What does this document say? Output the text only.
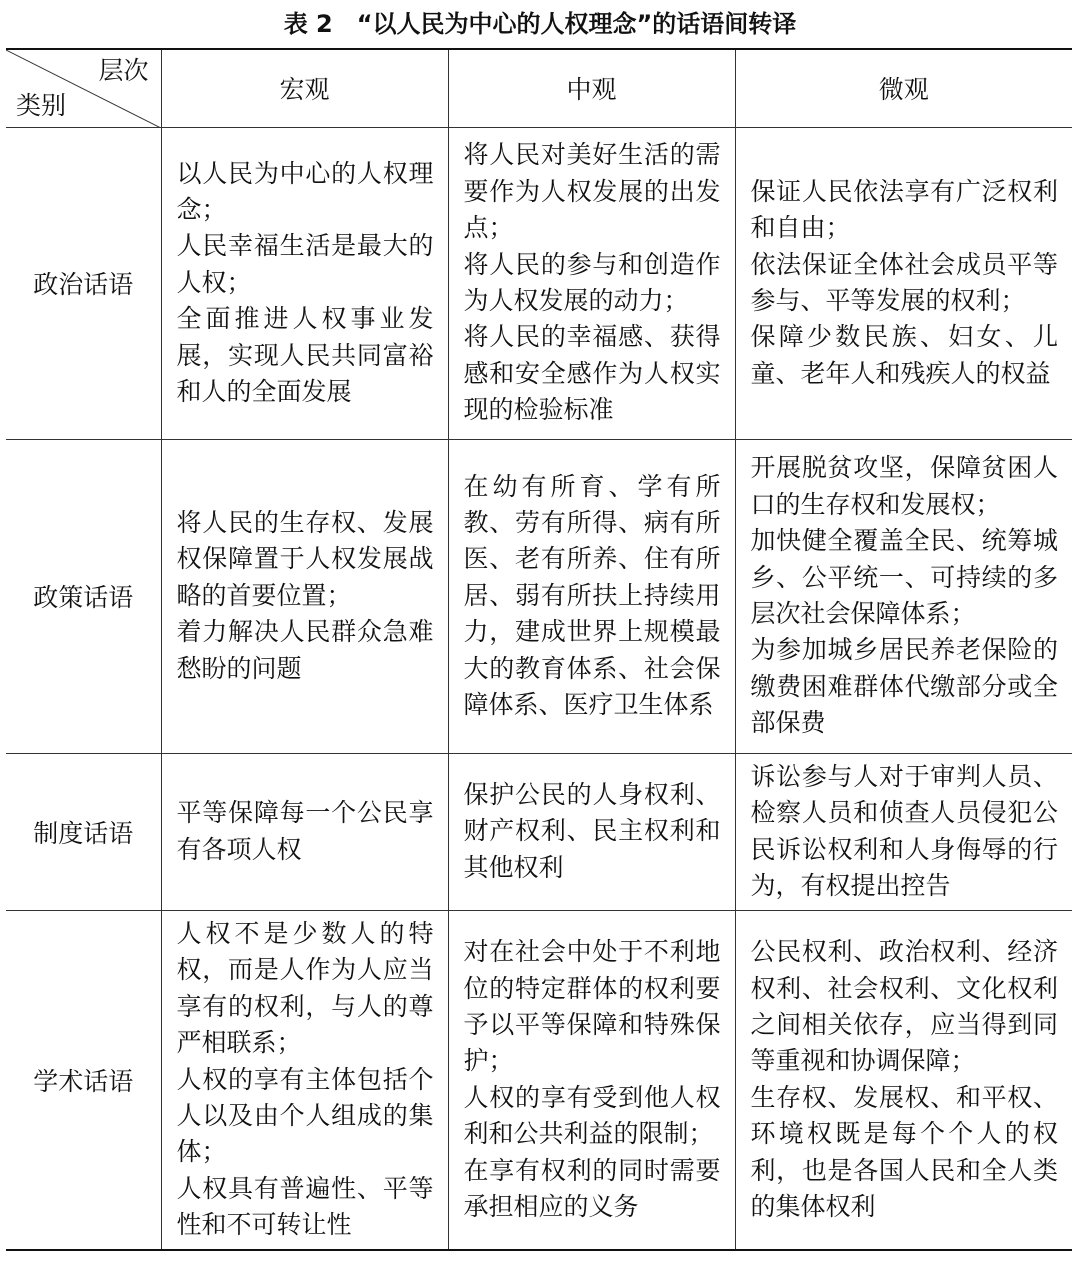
表 2 “以人民为中心的人权理念”的话语间转译
层次
类别	宏观	中观	微观
政治话语	以人民为中心的人权理念；
人民幸福生活是最大的人权；
全面推进人权事业发展，实现人民共同富裕和人的全面发展	将人民对美好生活的需要作为人权发展的出发点；
将人民的参与和创造作为人权发展的动力；
将人民的幸福感、获得感和安全感作为人权实现的检验标准	保证人民依法享有广泛权利和自由；
依法保证全体社会成员平等参与、平等发展的权利；
保障少数民族、妇女、儿童、老年人和残疾人的权益

政策话语	将人民的生存权、发展权保障置于人权发展战略的首要位置；
着力解决人民群众急难愁盼的问题	在幼有所育、学有所教、劳有所得、病有所医、老有所养、住有所居、弱有所扶上持续用力，建成世界上规模最大的教育体系、社会保障体系、医疗卫生体系	开展脱贫攻坚，保障贫困人口的生存权和发展权；
加快健全覆盖全民、统筹城乡、公平统一、可持续的多层次社会保障体系；
为参加城乡居民养老保险的缴费困难群体代缴部分或全部保费

制度话语	平等保障每一个公民享有各项人权	保护公民的人身权利、财产权利、民主权利和其他权利	诉讼参与人对于审判人员、检察人员和侦查人员侵犯公民诉讼权利和人身侮辱的行为，有权提出控告

学术话语	人权不是少数人的特权，而是人作为人应当享有的权利，与人的尊严相联系；
人权的享有主体包括个人以及由个人组成的集体；
人权具有普遍性、平等性和不可转让性	对在社会中处于不利地位的特定群体的权利要予以平等保障和特殊保护；
人权的享有受到他人权利和公共利益的限制；
在享有权利的同时需要承担相应的义务	公民权利、政治权利、经济权利、社会权利、文化权利之间相关依存，应当得到同等重视和协调保障；
生存权、发展权、和平权、环境权既是每个个人的权利，也是各国人民和全人类的集体权利
